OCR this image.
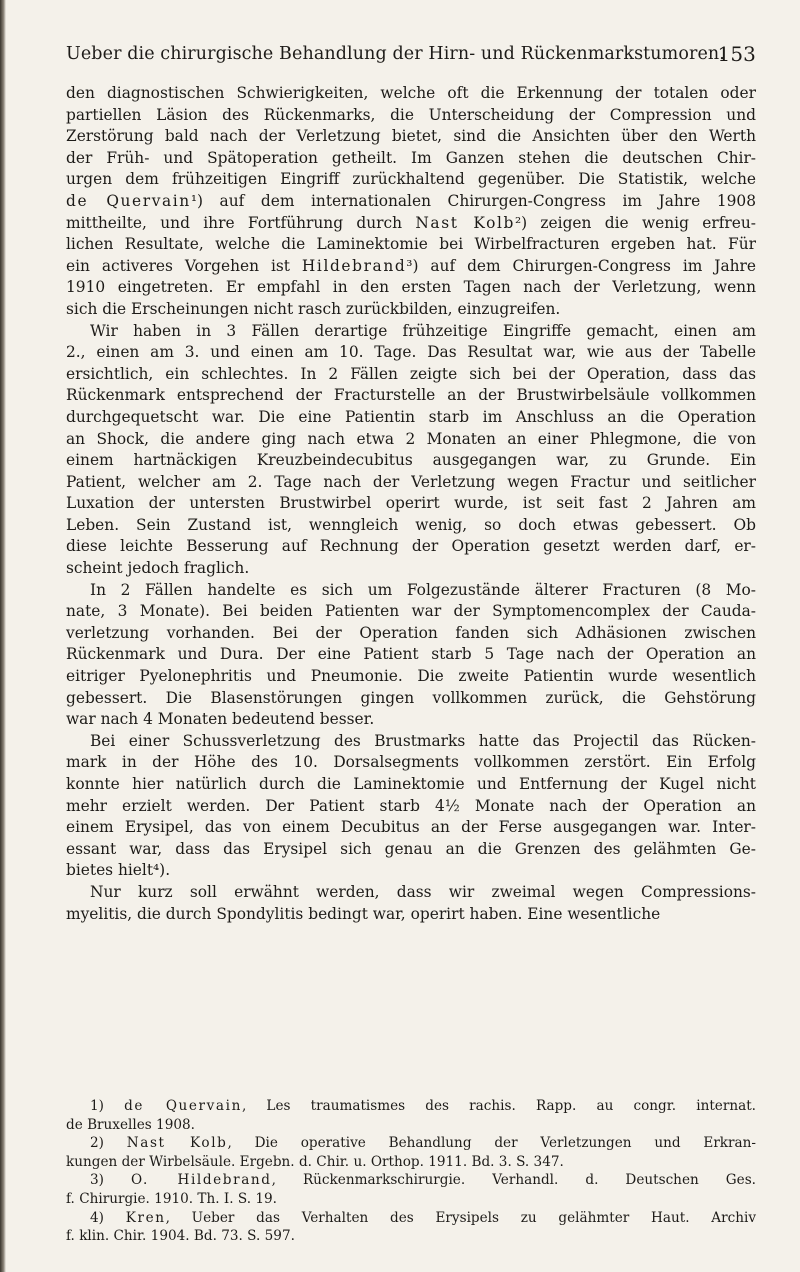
Ueber die chirurgische Behandlung der Hirn- und Rückenmarkstumoren.
153
den diagnostischen Schwierigkeiten, welche oft die Erkennung der totalen oder
partiellen Läsion des Rückenmarks, die Unterscheidung der Compression und
Zerstörung bald nach der Verletzung bietet, sind die Ansichten über den Werth
der Früh- und Spätoperation getheilt. Im Ganzen stehen die deutschen Chir-
urgen dem frühzeitigen Eingriff zurückhaltend gegenüber. Die Statistik, welche
de Quervain¹) auf dem internationalen Chirurgen-Congress im Jahre 1908
mittheilte, und ihre Fortführung durch Nast Kolb²) zeigen die wenig erfreu-
lichen Resultate, welche die Laminektomie bei Wirbelfracturen ergeben hat. Für
ein activeres Vorgehen ist Hildebrand³) auf dem Chirurgen-Congress im Jahre
1910 eingetreten. Er empfahl in den ersten Tagen nach der Verletzung, wenn
sich die Erscheinungen nicht rasch zurückbilden, einzugreifen.
Wir haben in 3 Fällen derartige frühzeitige Eingriffe gemacht, einen am
2., einen am 3. und einen am 10. Tage. Das Resultat war, wie aus der Tabelle
ersichtlich, ein schlechtes. In 2 Fällen zeigte sich bei der Operation, dass das
Rückenmark entsprechend der Fracturstelle an der Brustwirbelsäule vollkommen
durchgequetscht war. Die eine Patientin starb im Anschluss an die Operation
an Shock, die andere ging nach etwa 2 Monaten an einer Phlegmone, die von
einem hartnäckigen Kreuzbeindecubitus ausgegangen war, zu Grunde. Ein
Patient, welcher am 2. Tage nach der Verletzung wegen Fractur und seitlicher
Luxation der untersten Brustwirbel operirt wurde, ist seit fast 2 Jahren am
Leben. Sein Zustand ist, wenngleich wenig, so doch etwas gebessert. Ob
diese leichte Besserung auf Rechnung der Operation gesetzt werden darf, er-
scheint jedoch fraglich.
In 2 Fällen handelte es sich um Folgezustände älterer Fracturen (8 Mo-
nate, 3 Monate). Bei beiden Patienten war der Symptomencomplex der Cauda-
verletzung vorhanden. Bei der Operation fanden sich Adhäsionen zwischen
Rückenmark und Dura. Der eine Patient starb 5 Tage nach der Operation an
eitriger Pyelonephritis und Pneumonie. Die zweite Patientin wurde wesentlich
gebessert. Die Blasenstörungen gingen vollkommen zurück, die Gehstörung
war nach 4 Monaten bedeutend besser.
Bei einer Schussverletzung des Brustmarks hatte das Projectil das Rücken-
mark in der Höhe des 10. Dorsalsegments vollkommen zerstört. Ein Erfolg
konnte hier natürlich durch die Laminektomie und Entfernung der Kugel nicht
mehr erzielt werden. Der Patient starb 4½ Monate nach der Operation an
einem Erysipel, das von einem Decubitus an der Ferse ausgegangen war. Inter-
essant war, dass das Erysipel sich genau an die Grenzen des gelähmten Ge-
bietes hielt⁴).
Nur kurz soll erwähnt werden, dass wir zweimal wegen Compressions-
myelitis, die durch Spondylitis bedingt war, operirt haben. Eine wesentliche
1) de Quervain, Les traumatismes des rachis. Rapp. au congr. internat.
de Bruxelles 1908.
2) Nast Kolb, Die operative Behandlung der Verletzungen und Erkran-
kungen der Wirbelsäule. Ergebn. d. Chir. u. Orthop. 1911. Bd. 3. S. 347.
3) O. Hildebrand, Rückenmarkschirurgie. Verhandl. d. Deutschen Ges.
f. Chirurgie. 1910. Th. I. S. 19.
4) Kren, Ueber das Verhalten des Erysipels zu gelähmter Haut. Archiv
f. klin. Chir. 1904. Bd. 73. S. 597.
